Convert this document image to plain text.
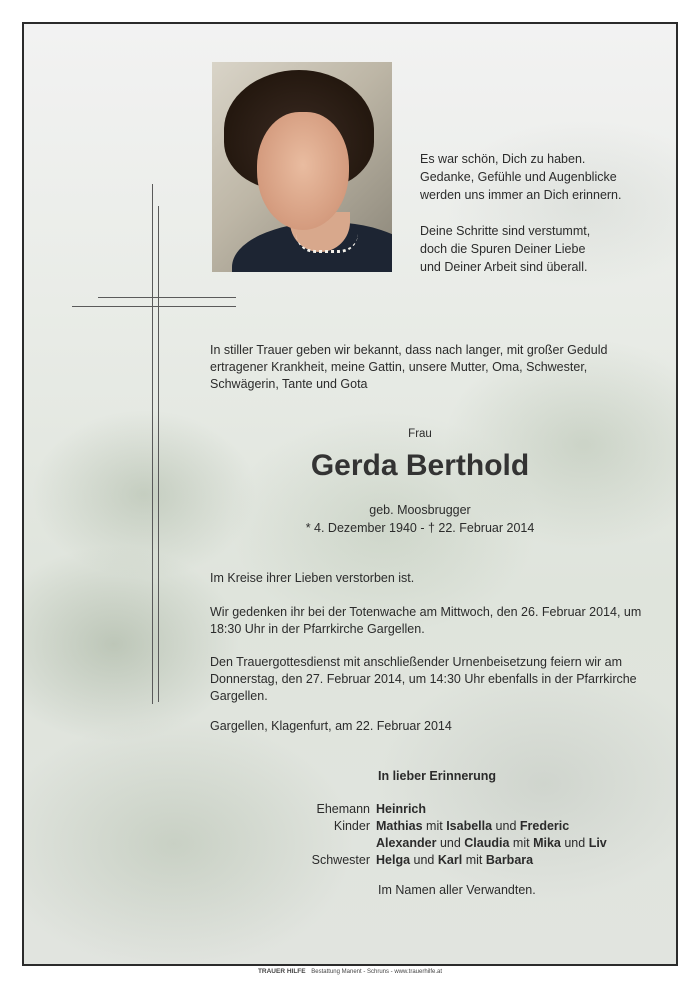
Es war schön, Dich zu haben.
Gedanke, Gefühle und Augenblicke
werden uns immer an Dich erinnern.

Deine Schritte sind verstummt,
doch die Spuren Deiner Liebe
und Deiner Arbeit sind überall.

In stiller Trauer geben wir bekannt, dass nach langer, mit großer Geduld ertragener Krankheit, meine Gattin, unsere Mutter, Oma, Schwester, Schwägerin, Tante und Gota
Frau
Gerda Berthold
geb. Moosbrugger
* 4. Dezember 1940 - † 22. Februar 2014
Im Kreise ihrer Lieben verstorben ist.
Wir gedenken ihr bei der Totenwache am Mittwoch, den 26. Februar 2014, um 18:30 Uhr in der Pfarrkirche Gargellen.
Den Trauergottesdienst mit anschließender Urnenbeisetzung feiern wir am Donnerstag, den 27. Februar 2014, um 14:30 Uhr ebenfalls in der Pfarrkirche Gargellen.
Gargellen, Klagenfurt, am 22. Februar 2014
In lieber Erinnerung
Ehemann Heinrich
Kinder Mathias mit Isabella und Frederic
Alexander und Claudia mit Mika und Liv
Schwester Helga und Karl mit Barbara
Im Namen aller Verwandten.
TRAUER HILFE Bestattung Manent - Schruns - www.trauerhilfe.at
